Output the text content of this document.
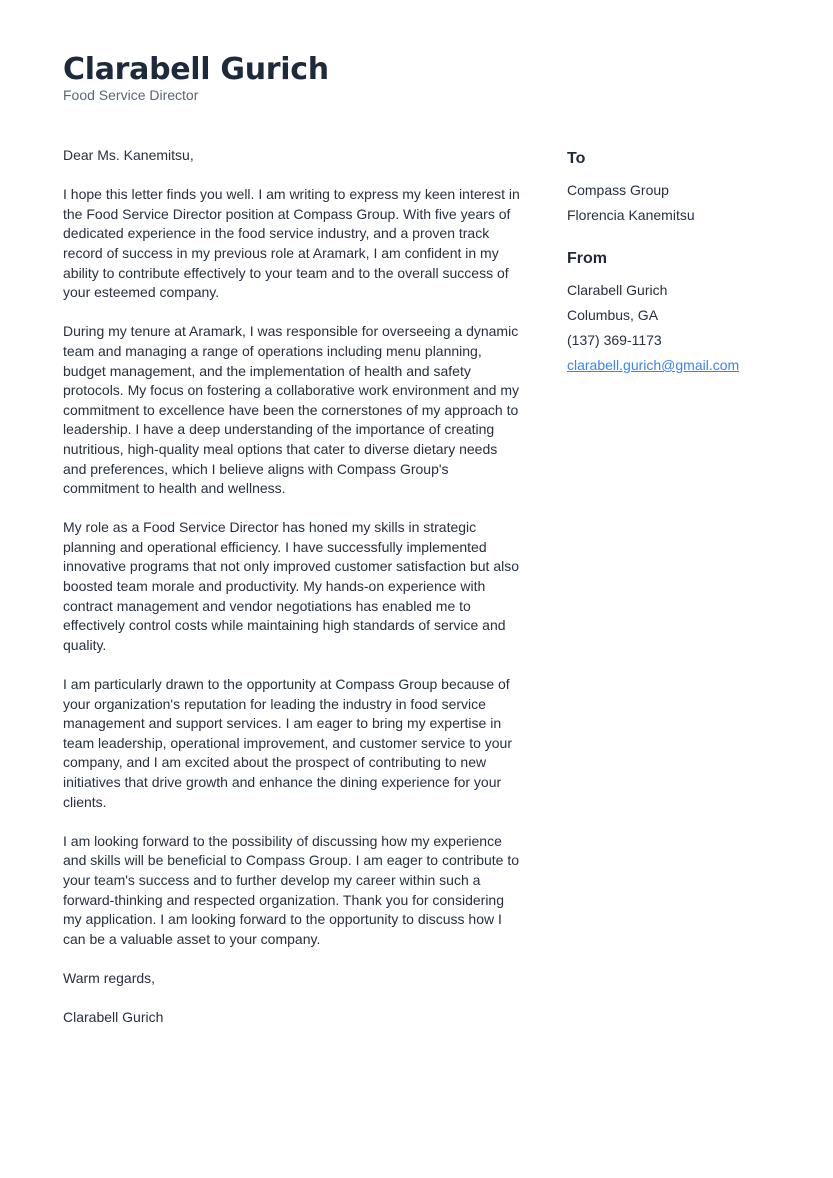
Clarabell Gurich
Food Service Director

Dear Ms. Kanemitsu,

I hope this letter finds you well. I am writing to express my keen interest in the Food Service Director position at Compass Group. With five years of dedicated experience in the food service industry, and a proven track record of success in my previous role at Aramark, I am confident in my ability to contribute effectively to your team and to the overall success of your esteemed company.

During my tenure at Aramark, I was responsible for overseeing a dynamic team and managing a range of operations including menu planning, budget management, and the implementation of health and safety protocols. My focus on fostering a collaborative work environment and my commitment to excellence have been the cornerstones of my approach to leadership. I have a deep understanding of the importance of creating nutritious, high-quality meal options that cater to diverse dietary needs and preferences, which I believe aligns with Compass Group's commitment to health and wellness.

My role as a Food Service Director has honed my skills in strategic planning and operational efficiency. I have successfully implemented innovative programs that not only improved customer satisfaction but also boosted team morale and productivity. My hands-on experience with contract management and vendor negotiations has enabled me to effectively control costs while maintaining high standards of service and quality.

I am particularly drawn to the opportunity at Compass Group because of your organization's reputation for leading the industry in food service management and support services. I am eager to bring my expertise in team leadership, operational improvement, and customer service to your company, and I am excited about the prospect of contributing to new initiatives that drive growth and enhance the dining experience for your clients.

I am looking forward to the possibility of discussing how my experience and skills will be beneficial to Compass Group. I am eager to contribute to your team's success and to further develop my career within such a forward-thinking and respected organization. Thank you for considering my application. I am looking forward to the opportunity to discuss how I can be a valuable asset to your company.

Warm regards,

Clarabell Gurich

To
Compass Group
Florencia Kanemitsu
From
Clarabell Gurich
Columbus, GA
(137) 369-1173
clarabell.gurich@gmail.com
